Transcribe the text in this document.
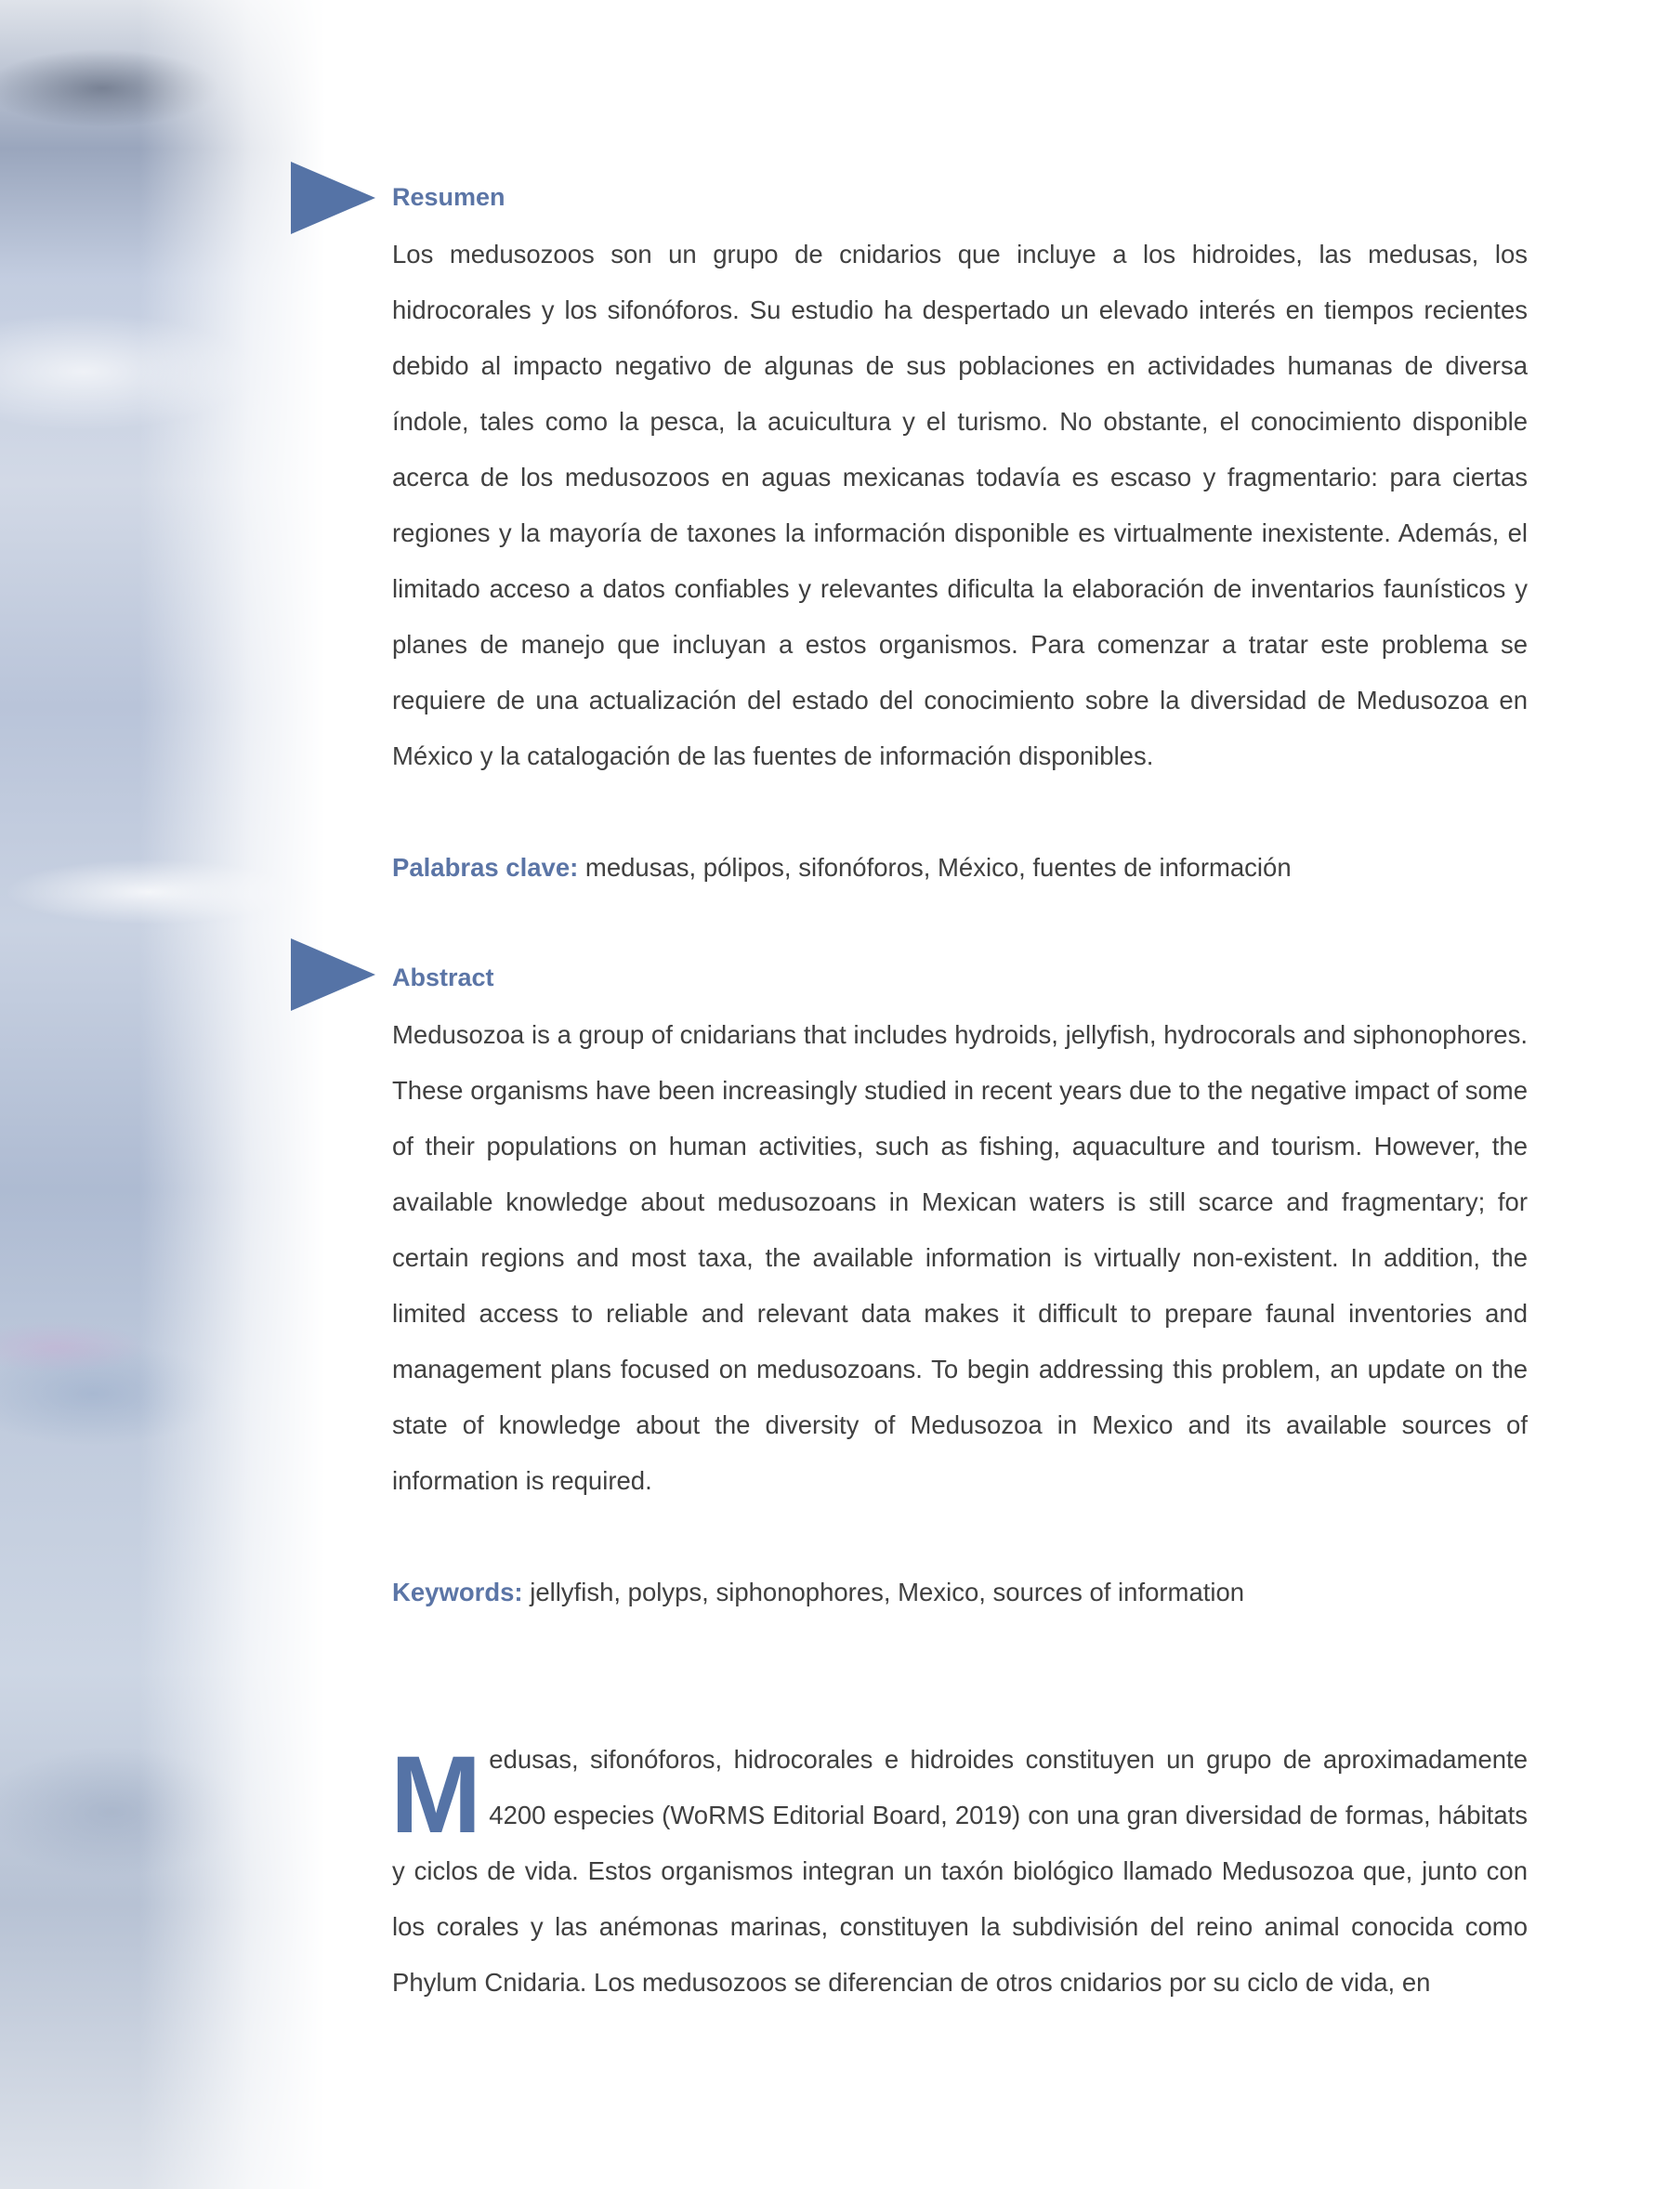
Resumen
Los medusozoos son un grupo de cnidarios que incluye a los hidroides, las medusas, los hidrocorales y los sifonóforos. Su estudio ha despertado un elevado interés en tiempos recientes debido al impacto negativo de algunas de sus poblaciones en actividades humanas de diversa índole, tales como la pesca, la acuicultura y el turismo. No obstante, el conocimiento disponible acerca de los medusozoos en aguas mexicanas todavía es escaso y fragmentario: para ciertas regiones y la mayoría de taxones la información disponible es virtualmente inexistente. Además, el limitado acceso a datos confiables y relevantes dificulta la elaboración de inventarios faunísticos y planes de manejo que incluyan a estos organismos. Para comenzar a tratar este problema se requiere de una actualización del estado del conocimiento sobre la diversidad de Medusozoa en México y la catalogación de las fuentes de información disponibles.
Palabras clave: medusas, pólipos, sifonóforos, México, fuentes de información
Abstract
Medusozoa is a group of cnidarians that includes hydroids, jellyfish, hydrocorals and siphonophores. These organisms have been increasingly studied in recent years due to the negative impact of some of their populations on human activities, such as fishing, aquaculture and tourism. However, the available knowledge about medusozoans in Mexican waters is still scarce and fragmentary; for certain regions and most taxa, the available information is virtually non-existent. In addition, the limited access to reliable and relevant data makes it difficult to prepare faunal inventories and management plans focused on medusozoans. To begin addressing this problem, an update on the state of knowledge about the diversity of Medusozoa in Mexico and its available sources of information is required.
Keywords: jellyfish, polyps, siphonophores, Mexico, sources of information
Medusas, sifonóforos, hidrocorales e hidroides constituyen un grupo de aproximadamente 4200 especies (WoRMS Editorial Board, 2019) con una gran diversidad de formas, hábitats y ciclos de vida. Estos organismos integran un taxón biológico llamado Medusozoa que, junto con los corales y las anémonas marinas, constituyen la subdivisión del reino animal conocida como Phylum Cnidaria. Los medusozoos se diferencian de otros cnidarios por su ciclo de vida, en
